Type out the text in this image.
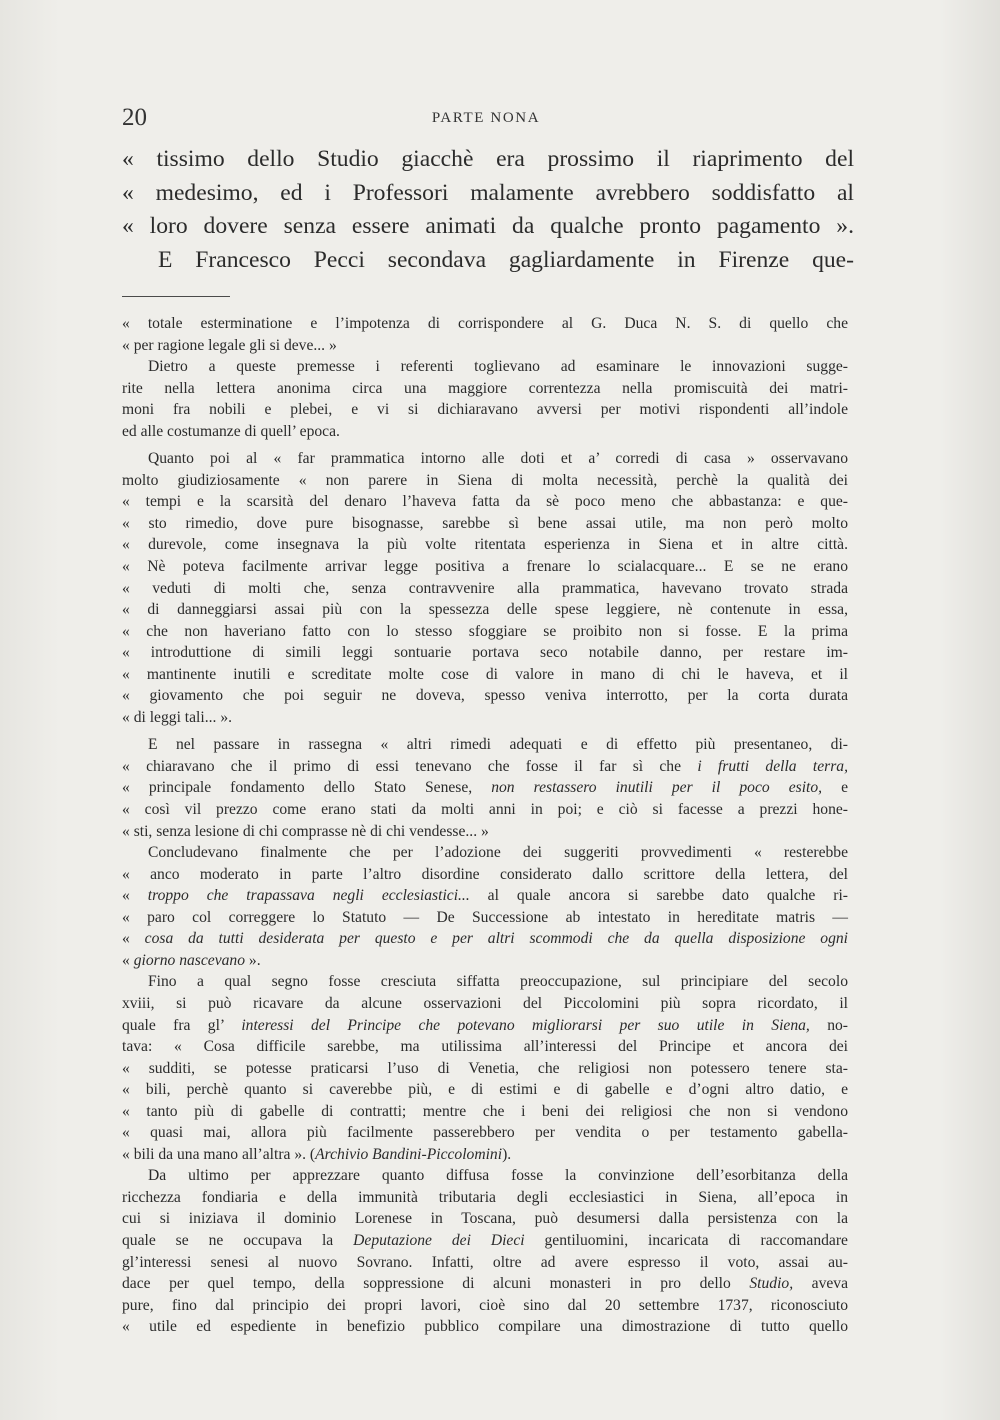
20	PARTE NONA
« tissimo dello Studio giacchè era prossimo il riaprimento del
« medesimo, ed i Professori malamente avrebbero soddisfatto al
« loro dovere senza essere animati da qualche pronto pagamento ».
E Francesco Pecci secondava gagliardamente in Firenze que-
« totale esterminatione e l’impotenza di corrispondere al G. Duca N. S. di quello che
« per ragione legale gli si deve... »
Dietro a queste premesse i referenti toglievano ad esaminare le innovazioni sugge-
rite nella lettera anonima circa una maggiore correntezza nella promiscuità dei matri-
moni fra nobili e plebei, e vi si dichiaravano avversi per motivi rispondenti all’indole
ed alle costumanze di quell’ epoca.
Quanto poi al « far prammatica intorno alle doti et a’ corredi di casa » osservavano
molto giudiziosamente « non parere in Siena di molta necessità, perchè la qualità dei
« tempi e la scarsità del denaro l’haveva fatta da sè poco meno che abbastanza: e que-
« sto rimedio, dove pure bisognasse, sarebbe sì bene assai utile, ma non però molto
« durevole, come insegnava la più volte ritentata esperienza in Siena et in altre città.
« Nè poteva facilmente arrivar legge positiva a frenare lo scialacquare... E se ne erano
« veduti di molti che, senza contravvenire alla prammatica, havevano trovato strada
« di danneggiarsi assai più con la spessezza delle spese leggiere, nè contenute in essa,
« che non haveriano fatto con lo stesso sfoggiare se proibito non si fosse. E la prima
« introduttione di simili leggi sontuarie portava seco notabile danno, per restare im-
« mantinente inutili e screditate molte cose di valore in mano di chi le haveva, et il
« giovamento che poi seguir ne doveva, spesso veniva interrotto, per la corta durata
« di leggi tali... ».
E nel passare in rassegna « altri rimedi adequati e di effetto più presentaneo, di-
« chiaravano che il primo di essi tenevano che fosse il far sì che i frutti della terra,
« principale fondamento dello Stato Senese, non restassero inutili per il poco esito, e
« così vil prezzo come erano stati da molti anni in poi; e ciò si facesse a prezzi hone-
« sti, senza lesione di chi comprasse nè di chi vendesse... »
Concludevano finalmente che per l’adozione dei suggeriti provvedimenti « resterebbe
« anco moderato in parte l’altro disordine considerato dallo scrittore della lettera, del
« troppo che trapassava negli ecclesiastici... al quale ancora si sarebbe dato qualche ri-
« paro col correggere lo Statuto — De Successione ab intestato in hereditate matris —
« cosa da tutti desiderata per questo e per altri scommodi che da quella disposizione ogni
« giorno nascevano ».
Fino a qual segno fosse cresciuta siffatta preoccupazione, sul principiare del secolo
xviii, si può ricavare da alcune osservazioni del Piccolomini più sopra ricordato, il
quale fra gl’ interessi del Principe che potevano migliorarsi per suo utile in Siena, no-
tava: « Cosa difficile sarebbe, ma utilissima all’interessi del Principe et ancora dei
« sudditi, se potesse praticarsi l’uso di Venetia, che religiosi non potessero tenere sta-
« bili, perchè quanto si caverebbe più, e di estimi e di gabelle e d’ogni altro datio, e
« tanto più di gabelle di contratti; mentre che i beni dei religiosi che non si vendono
« quasi mai, allora più facilmente passerebbero per vendita o per testamento gabella-
« bili da una mano all’altra ». (Archivio Bandini-Piccolomini).
Da ultimo per apprezzare quanto diffusa fosse la convinzione dell’esorbitanza della
ricchezza fondiaria e della immunità tributaria degli ecclesiastici in Siena, all’epoca in
cui si iniziava il dominio Lorenese in Toscana, può desumersi dalla persistenza con la
quale se ne occupava la Deputazione dei Dieci gentiluomini, incaricata di raccomandare
gl’interessi senesi al nuovo Sovrano. Infatti, oltre ad avere espresso il voto, assai au-
dace per quel tempo, della soppressione di alcuni monasteri in pro dello Studio, aveva
pure, fino dal principio dei propri lavori, cioè sino dal 20 settembre 1737, riconosciuto
« utile ed espediente in benefizio pubblico compilare una dimostrazione di tutto quello
